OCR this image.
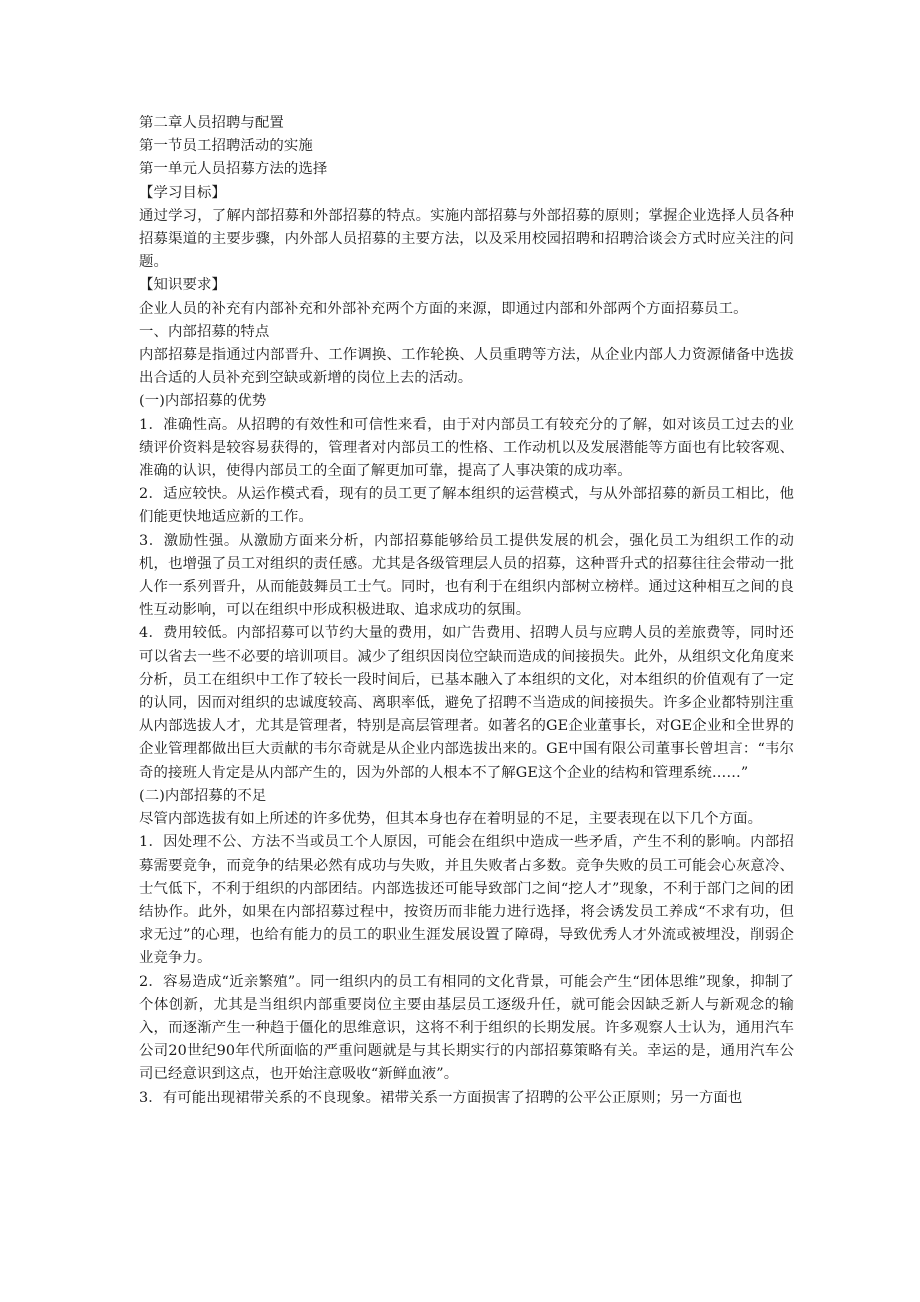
第二章人员招聘与配置

第一节员工招聘活动的实施

第一单元人员招募方法的选择

【学习目标】

通过学习，了解内部招募和外部招募的特点。实施内部招募与外部招募的原则；掌握企业选择人员各种招募渠道的主要步骤，内外部人员招募的主要方法，以及采用校园招聘和招聘洽谈会方式时应关注的问题。

【知识要求】

企业人员的补充有内部补充和外部补充两个方面的来源，即通过内部和外部两个方面招募员工。

一、内部招募的特点

内部招募是指通过内部晋升、工作调换、工作轮换、人员重聘等方法，从企业内部人力资源储备中选拔出合适的人员补充到空缺或新增的岗位上去的活动。

(一)内部招募的优势

1．准确性高。从招聘的有效性和可信性来看，由于对内部员工有较充分的了解，如对该员工过去的业绩评价资料是较容易获得的，管理者对内部员工的性格、工作动机以及发展潜能等方面也有比较客观、准确的认识，使得内部员工的全面了解更加可靠，提高了人事决策的成功率。

2．适应较快。从运作模式看，现有的员工更了解本组织的运营模式，与从外部招募的新员工相比，他们能更快地适应新的工作。

3．激励性强。从激励方面来分析，内部招募能够给员工提供发展的机会，强化员工为组织工作的动机，也增强了员工对组织的责任感。尤其是各级管理层人员的招募，这种晋升式的招募往往会带动一批人作一系列晋升，从而能鼓舞员工士气。同时，也有利于在组织内部树立榜样。通过这种相互之间的良性互动影响，可以在组织中形成积极进取、追求成功的氛围。

4．费用较低。内部招募可以节约大量的费用，如广告费用、招聘人员与应聘人员的差旅费等，同时还可以省去一些不必要的培训项目。减少了组织因岗位空缺而造成的间接损失。此外，从组织文化角度来分析，员工在组织中工作了较长一段时间后，已基本融入了本组织的文化，对本组织的价值观有了一定的认同，因而对组织的忠诚度较高、离职率低，避免了招聘不当造成的间接损失。许多企业都特别注重从内部选拔人才，尤其是管理者，特别是高层管理者。如著名的GE企业董事长，对GE企业和全世界的企业管理都做出巨大贡献的韦尔奇就是从企业内部选拔出来的。GE中国有限公司董事长曾坦言：“韦尔奇的接班人肯定是从内部产生的，因为外部的人根本不了解GE这个企业的结构和管理系统……”

(二)内部招募的不足

尽管内部选拔有如上所述的许多优势，但其本身也存在着明显的不足，主要表现在以下几个方面。

1．因处理不公、方法不当或员工个人原因，可能会在组织中造成一些矛盾，产生不利的影响。内部招募需要竞争，而竞争的结果必然有成功与失败，并且失败者占多数。竞争失败的员工可能会心灰意冷、士气低下，不利于组织的内部团结。内部选拔还可能导致部门之间“挖人才”现象，不利于部门之间的团结协作。此外，如果在内部招募过程中，按资历而非能力进行选择，将会诱发员工养成“不求有功，但求无过”的心理，也给有能力的员工的职业生涯发展设置了障碍，导致优秀人才外流或被埋没，削弱企业竞争力。

2．容易造成“近亲繁殖”。同一组织内的员工有相同的文化背景，可能会产生“团体思维”现象，抑制了个体创新，尤其是当组织内部重要岗位主要由基层员工逐级升任，就可能会因缺乏新人与新观念的输入，而逐渐产生一种趋于僵化的思维意识，这将不利于组织的长期发展。许多观察人士认为，通用汽车公司20世纪90年代所面临的严重问题就是与其长期实行的内部招募策略有关。幸运的是，通用汽车公司已经意识到这点，也开始注意吸收“新鲜血液”。

3．有可能出现裙带关系的不良现象。裙带关系一方面损害了招聘的公平公正原则；另一方面也
